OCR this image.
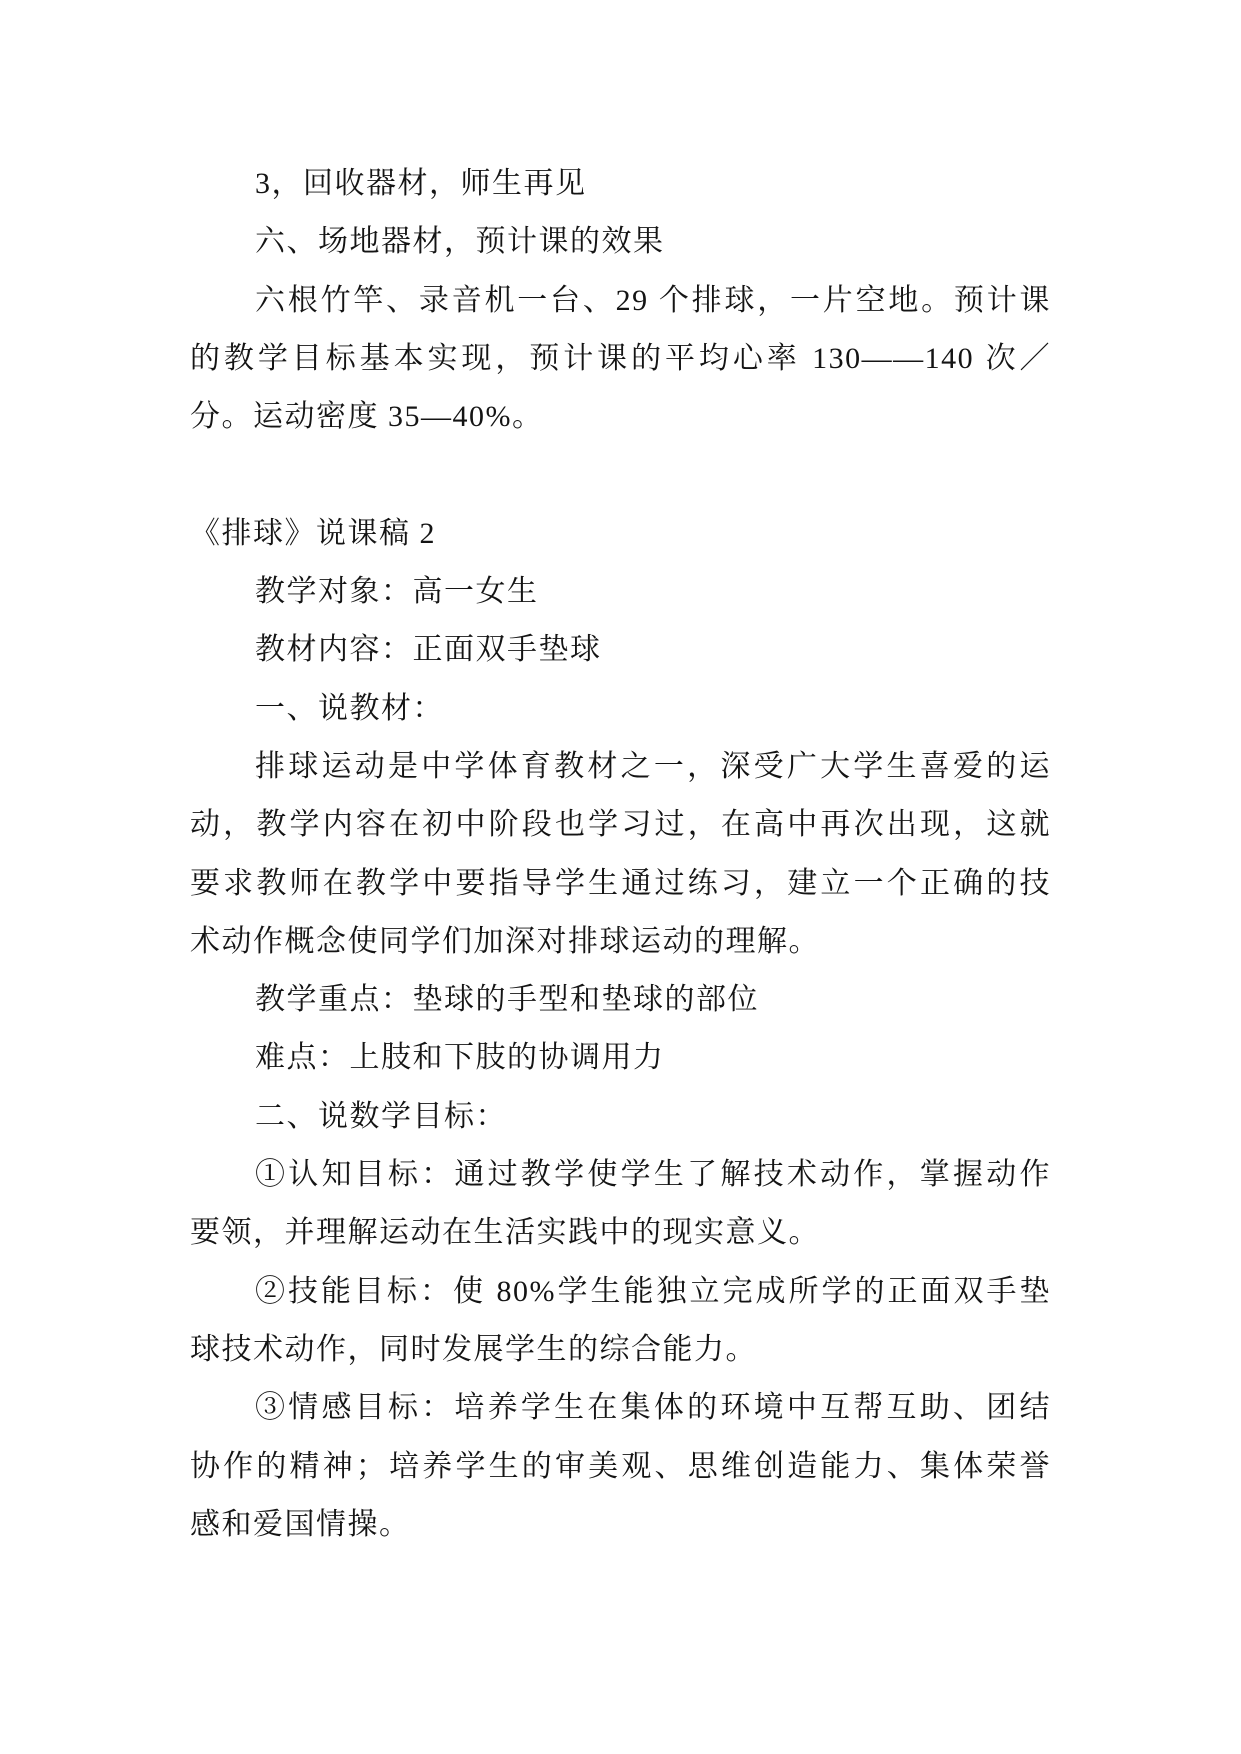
3，回收器材，师生再见
六、场地器材，预计课的效果
六根竹竿、录音机一台、29 个排球，一片空地。预计课
的教学目标基本实现，预计课的平均心率 130——140 次／
分。运动密度 35—40%。
《排球》说课稿 2
教学对象：高一女生
教材内容：正面双手垫球
一、说教材：
排球运动是中学体育教材之一，深受广大学生喜爱的运
动，教学内容在初中阶段也学习过，在高中再次出现，这就
要求教师在教学中要指导学生通过练习，建立一个正确的技
术动作概念使同学们加深对排球运动的理解。
教学重点：垫球的手型和垫球的部位
难点：上肢和下肢的协调用力
二、说数学目标：
①认知目标：通过教学使学生了解技术动作，掌握动作
要领，并理解运动在生活实践中的现实意义。
②技能目标：使 80%学生能独立完成所学的正面双手垫
球技术动作，同时发展学生的综合能力。
③情感目标：培养学生在集体的环境中互帮互助、团结
协作的精神；培养学生的审美观、思维创造能力、集体荣誉
感和爱国情操。
